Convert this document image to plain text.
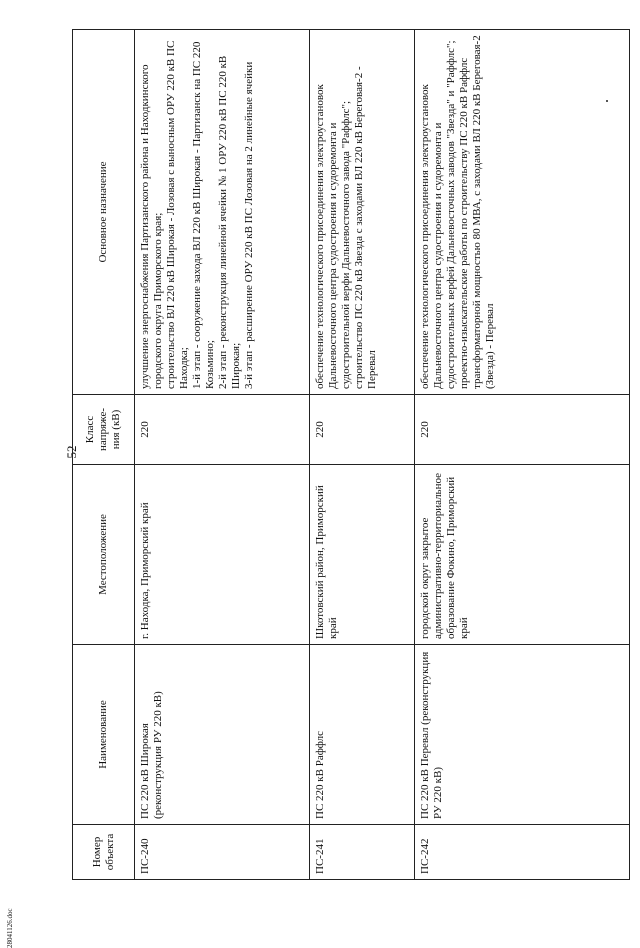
52
28041126.doc
Номер объекта	Наименование	Местоположение	Класс напряже-ния (кВ)	Основное назначение
ПС-240	ПС 220 кВ Широкая (реконструкция РУ 220 кВ)	г. Находка, Приморский край	220	улучшение энергоснабжения Партизанского района и Находкинского городского округа Приморского края; строительство ВЛ 220 кВ Широкая - Лозовая с выносным ОРУ 220 кВ ПС Находка; 1-й этап - сооружение захода ВЛ 220 кВ Широкая - Партизанск на ПС 220 Козьмино; 2-й этап - реконструкция линейной ячейки № 1 ОРУ 220 кВ ПС 220 кВ Широкая; 3-й этап - расширение ОРУ 220 кВ ПС Лозовая на 2 линейные ячейки

ПС-241	ПС 220 кВ Раффлс	Шкотовский район, Приморский край	220	обеспечение технологического присоединения электроустановок Дальневосточного центра судостроения и судоремонта и судостроительной верфи Дальневосточного завода "Раффлс"; строительство ПС 220 кВ Звезда с заходами ВЛ 220 кВ Береговая-2 - Перевал

ПС-242	ПС 220 кВ Перевал (реконструкция РУ 220 кВ)	городской округ закрытое административно-территориальное образование Фокино, Приморский край	220	обеспечение технологического присоединения электроустановок Дальневосточного центра судостроения и судоремонта и судостроительных верфей Дальневосточных заводов "Звезда" и "Раффлс"; проектно-изыскательские работы по строительству ПС 220 кВ Раффлс трансформаторной мощностью 80 МВА, с заходами ВЛ 220 кВ Береговая-2 (Звезда) - Перевал
